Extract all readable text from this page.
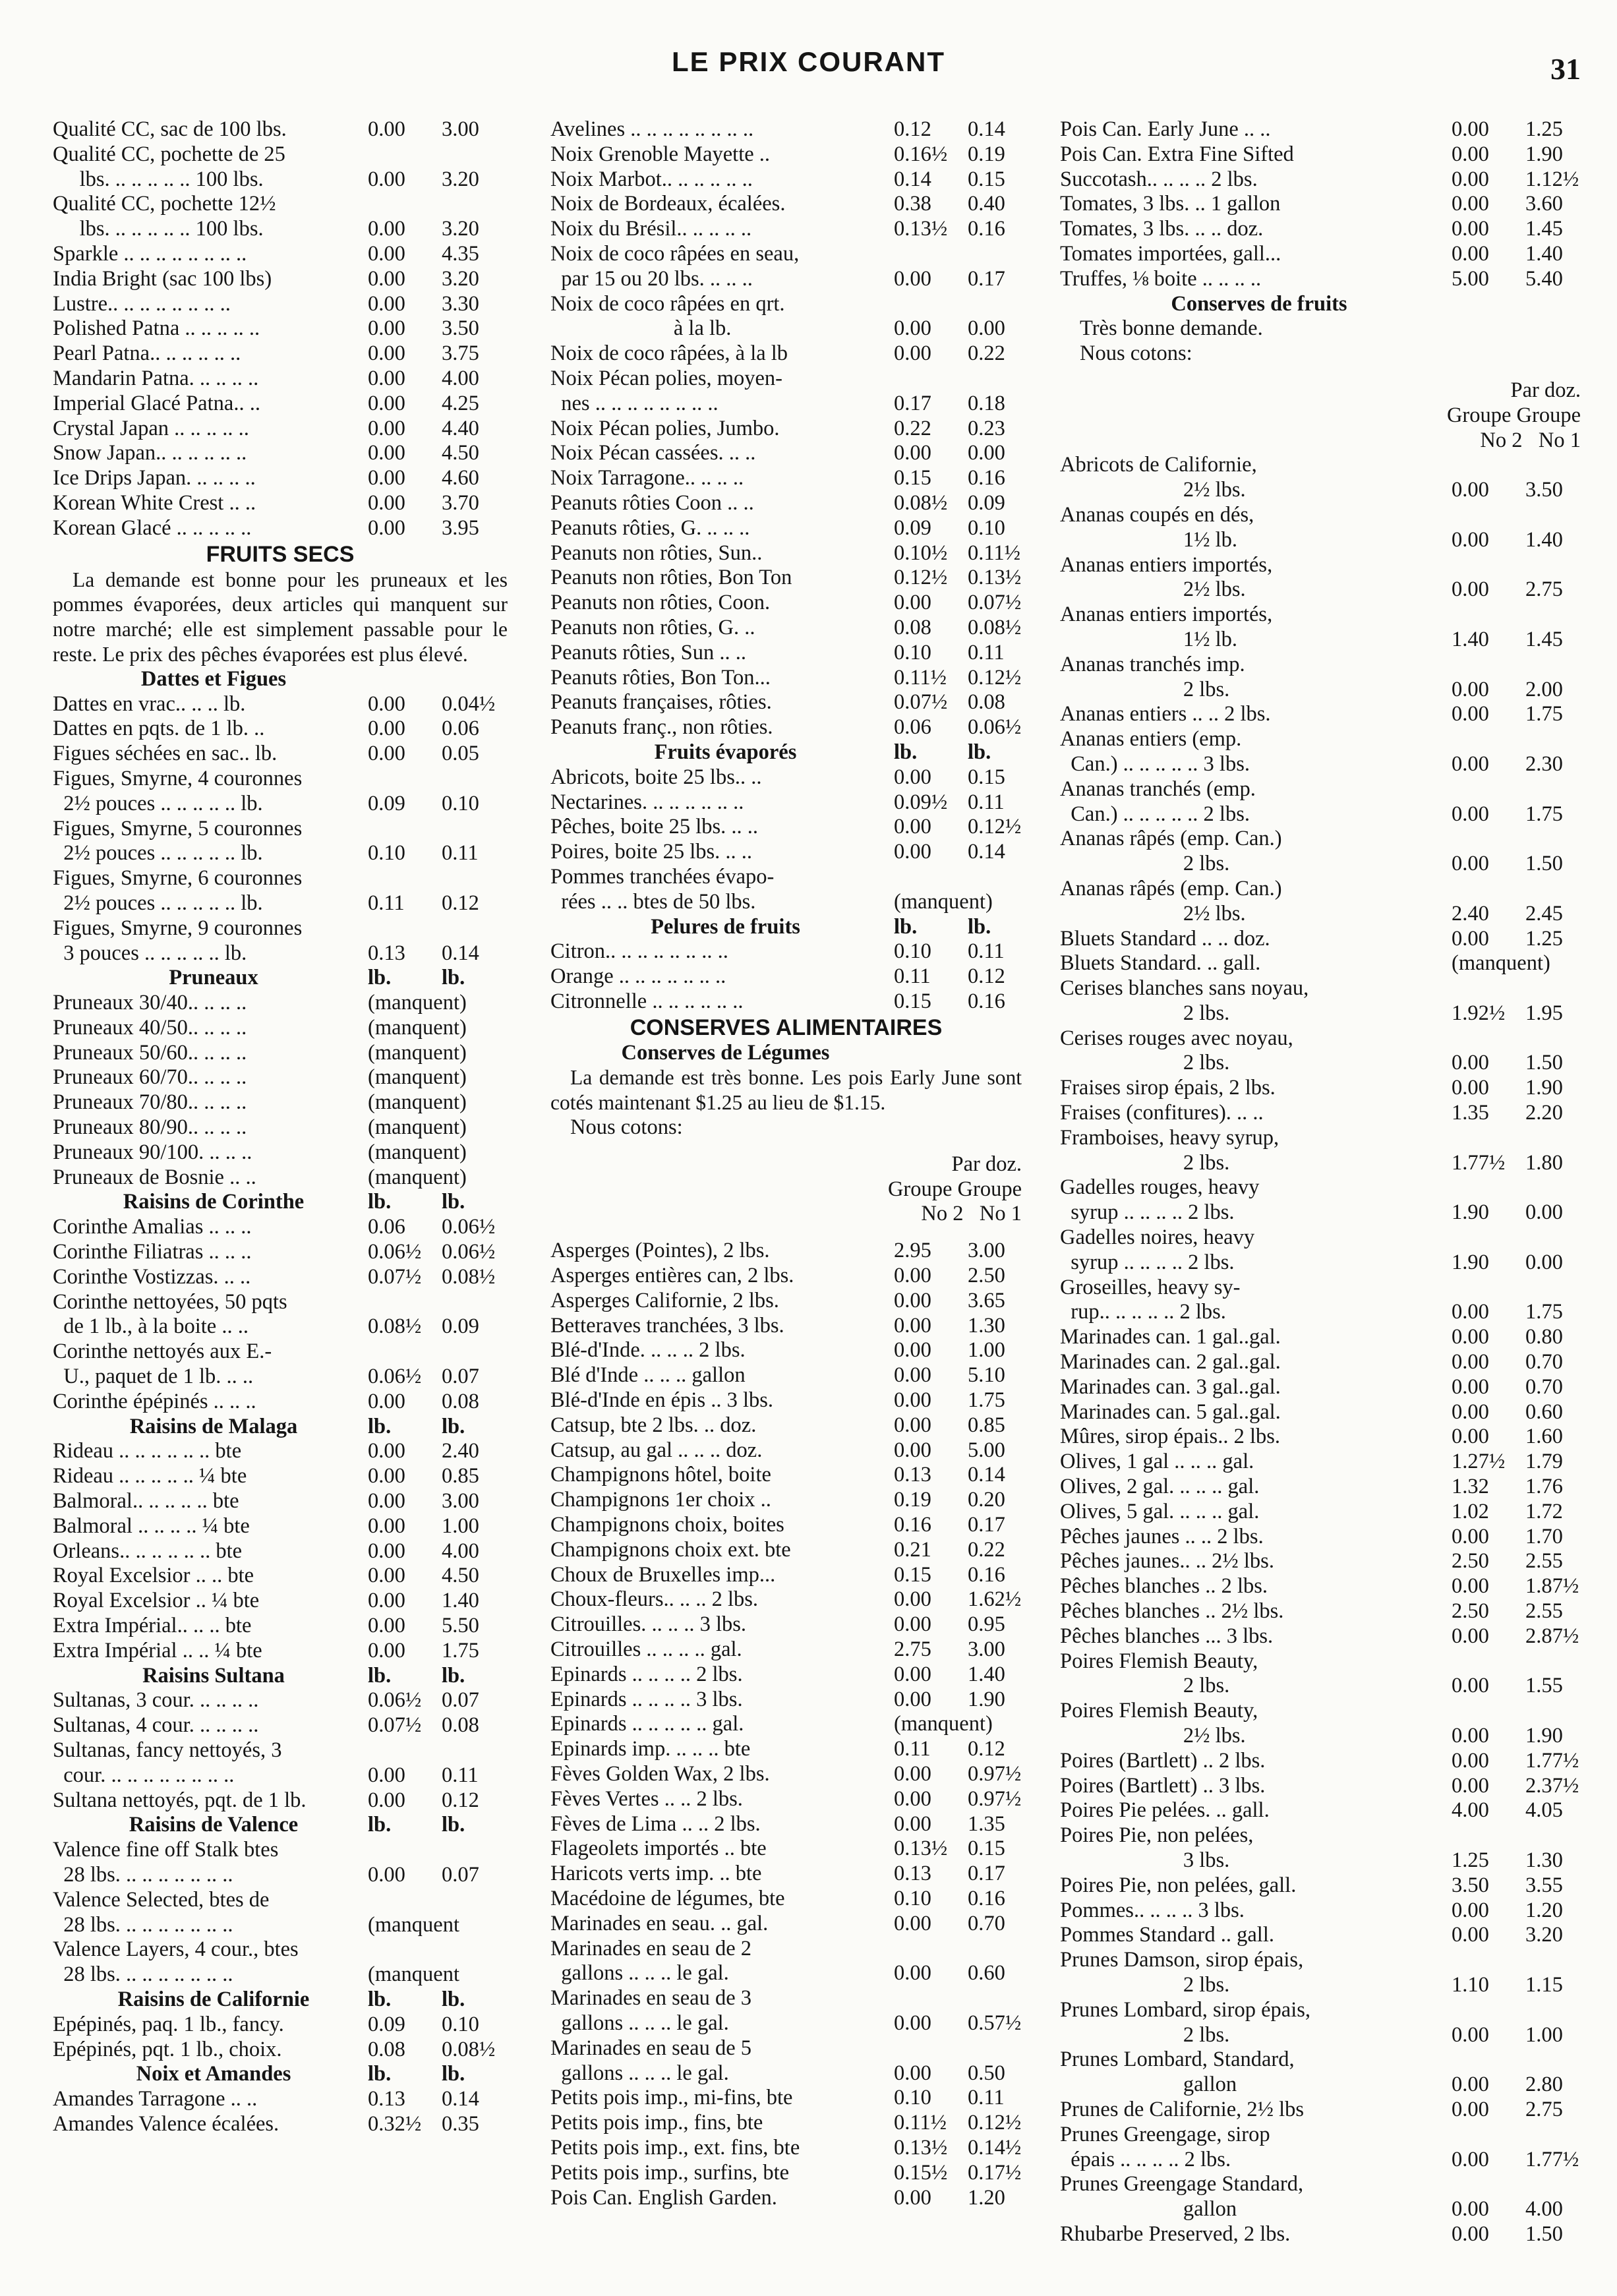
LE PRIX COURANT	31
Qualité CC, sac de 100 lbs.	0.00	3.00
Qualité CC, pochette de 25
lbs. .. .. .. .. .. 100 lbs.	0.00	3.20
Qualité CC, pochette 12½
lbs. .. .. .. .. .. 100 lbs.	0.00	3.20
Sparkle .. .. .. .. .. .. .. ..	0.00	4.35
India Bright (sac 100 lbs)	0.00	3.20
Lustre.. .. .. .. .. .. .. ..	0.00	3.30
Polished Patna .. .. .. .. ..	0.00	3.50
Pearl Patna.. .. .. .. .. ..	0.00	3.75
Mandarin Patna. .. .. .. ..	0.00	4.00
Imperial Glacé Patna.. ..	0.00	4.25
Crystal Japan .. .. .. .. ..	0.00	4.40
Snow Japan.. .. .. .. .. ..	0.00	4.50
Ice Drips Japan. .. .. .. ..	0.00	4.60
Korean White Crest .. ..	0.00	3.70
Korean Glacé .. .. .. .. ..	0.00	3.95
FRUITS SECS
La demande est bonne pour les pruneaux et les pommes évaporées, deux articles qui manquent sur notre marché; elle est simplement passable pour le reste. Le prix des pêches évaporées est plus élevé.
Dattes et Figues
Dattes en vrac.. .. .. lb.	0.00	0.04½
Dattes en pqts. de 1 lb. ..	0.00	0.06
Figues séchées en sac.. lb.	0.00	0.05
Figues, Smyrne, 4 couronnes
2½ pouces .. .. .. .. .. lb.	0.09	0.10
Figues, Smyrne, 5 couronnes
2½ pouces .. .. .. .. .. lb.	0.10	0.11
Figues, Smyrne, 6 couronnes
2½ pouces .. .. .. .. .. lb.	0.11	0.12
Figues, Smyrne, 9 couronnes
3 pouces .. .. .. .. .. lb.	0.13	0.14
Pruneaux	lb.	lb.
Pruneaux 30/40.. .. .. ..	(manquent)
Pruneaux 40/50.. .. .. ..	(manquent)
Pruneaux 50/60.. .. .. ..	(manquent)
Pruneaux 60/70.. .. .. ..	(manquent)
Pruneaux 70/80.. .. .. ..	(manquent)
Pruneaux 80/90.. .. .. ..	(manquent)
Pruneaux 90/100. .. .. ..	(manquent)
Pruneaux de Bosnie .. ..	(manquent)
Raisins de Corinthe	lb.	lb.
Corinthe Amalias .. .. ..	0.06	0.06½
Corinthe Filiatras .. .. ..	0.06½ 0.06½
Corinthe Vostizzas. .. ..	0.07½ 0.08½
Corinthe nettoyées, 50 pqts
de 1 lb., à la boite .. ..	0.08½ 0.09
Corinthe nettoyés aux E.-
U., paquet de 1 lb. .. ..	0.06½ 0.07
Corinthe épépinés .. .. ..	0.00	0.08
Raisins de Malaga	lb.	lb.
Rideau .. .. .. .. .. .. bte	0.00	2.40
Rideau .. .. .. .. .. ¼ bte	0.00	0.85
Balmoral.. .. .. .. .. bte	0.00	3.00
Balmoral .. .. .. .. ¼ bte	0.00	1.00
Orleans.. .. .. .. .. .. bte	0.00	4.00
Royal Excelsior .. .. bte	0.00	4.50
Royal Excelsior .. ¼ bte	0.00	1.40
Extra Impérial.. .. .. bte	0.00	5.50
Extra Impérial .. .. ¼ bte	0.00	1.75
Raisins Sultana	lb.	lb.
Sultanas, 3 cour. .. .. .. ..	0.06½ 0.07
Sultanas, 4 cour. .. .. .. ..	0.07½ 0.08
Sultanas, fancy nettoyés, 3
cour. .. .. .. .. .. .. .. ..	0.00	0.11
Sultana nettoyés, pqt. de 1 lb.	0.00	0.12
Raisins de Valence	lb.	lb.
Valence fine off Stalk btes
28 lbs. .. .. .. .. .. .. ..	0.00	0.07
Valence Selected, btes de
28 lbs. .. .. .. .. .. .. ..	(manquent
Valence Layers, 4 cour., btes
28 lbs. .. .. .. .. .. .. ..	(manquent
Raisins de Californie	lb.	lb.
Epépinés, paq. 1 lb., fancy.	0.09	0.10
Epépinés, pqt. 1 lb., choix.	0.08	0.08½
Noix et Amandes	lb.	lb.
Amandes Tarragone .. ..	0.13	0.14
Amandes Valence écalées.	0.32½ 0.35
Avelines .. .. .. .. .. .. .. ..	0.12	0.14
Noix Grenoble Mayette ..	0.16½ 0.19
Noix Marbot.. .. .. .. .. ..	0.14	0.15
Noix de Bordeaux, écalées.	0.38	0.40
Noix du Brésil.. .. .. .. ..	0.13½ 0.16
Noix de coco râpées en seau,
par 15 ou 20 lbs. .. .. ..	0.00	0.17
Noix de coco râpées en qrt.
à la lb.	0.00	0.00
Noix de coco râpées, à la lb	0.00	0.22
Noix Pécan polies, moyen-
nes .. .. .. .. .. .. .. ..	0.17	0.18
Noix Pécan polies, Jumbo.	0.22	0.23
Noix Pécan cassées. .. ..	0.00	0.00
Noix Tarragone.. .. .. ..	0.15	0.16
Peanuts rôties Coon .. ..	0.08½ 0.09
Peanuts rôties, G. .. .. ..	0.09	0.10
Peanuts non rôties, Sun..	0.10½ 0.11½
Peanuts non rôties, Bon Ton	0.12½ 0.13½
Peanuts non rôties, Coon.	0.00	0.07½
Peanuts non rôties, G. ..	0.08	0.08½
Peanuts rôties, Sun .. ..	0.10	0.11
Peanuts rôties, Bon Ton...	0.11½ 0.12½
Peanuts françaises, rôties.	0.07½ 0.08
Peanuts franç., non rôties.	0.06	0.06½
Fruits évaporés	lb.	lb.
Abricots, boite 25 lbs.. ..	0.00	0.15
Nectarines. .. .. .. .. .. ..	0.09½ 0.11
Pêches, boite 25 lbs. .. ..	0.00	0.12½
Poires, boite 25 lbs. .. ..	0.00	0.14
Pommes tranchées évapo-
rées .. .. btes de 50 lbs.	(manquent)
Pelures de fruits	lb.	lb.
Citron.. .. .. .. .. .. .. ..	0.10	0.11
Orange .. .. .. .. .. .. ..	0.11	0.12
Citronnelle .. .. .. .. .. ..	0.15	0.16
CONSERVES ALIMENTAIRES
Conserves de Légumes
La demande est très bonne. Les pois Early June sont cotés maintenant $1.25 au lieu de $1.15.
Nous cotons:
Par doz.
Groupe Groupe
No 2   No 1
Asperges (Pointes), 2 lbs.	2.95	3.00
Asperges entières can, 2 lbs.	0.00	2.50
Asperges Californie, 2 lbs.	0.00	3.65
Betteraves tranchées, 3 lbs.	0.00	1.30
Blé-d'Inde. .. .. .. 2 lbs.	0.00	1.00
Blé d'Inde .. .. .. gallon	0.00	5.10
Blé-d'Inde en épis .. 3 lbs.	0.00	1.75
Catsup, bte 2 lbs. .. doz.	0.00	0.85
Catsup, au gal .. .. .. doz.	0.00	5.00
Champignons hôtel, boite	0.13	0.14
Champignons 1er choix ..	0.19	0.20
Champignons choix, boites	0.16	0.17
Champignons choix ext. bte	0.21	0.22
Choux de Bruxelles imp...	0.15	0.16
Choux-fleurs.. .. .. 2 lbs.	0.00	1.62½
Citrouilles. .. .. .. 3 lbs.	0.00	0.95
Citrouilles .. .. .. .. gal.	2.75	3.00
Epinards .. .. .. .. 2 lbs.	0.00	1.40
Epinards .. .. .. .. 3 lbs.	0.00	1.90
Epinards .. .. .. .. .. gal.	(manquent)
Epinards imp. .. .. .. bte	0.11	0.12
Fèves Golden Wax, 2 lbs.	0.00	0.97½
Fèves Vertes .. .. 2 lbs.	0.00	0.97½
Fèves de Lima .. .. 2 lbs.	0.00	1.35
Flageolets importés .. bte	0.13½ 0.15
Haricots verts imp. .. bte	0.13	0.17
Macédoine de légumes, bte	0.10	0.16
Marinades en seau. .. gal.	0.00	0.70
Marinades en seau de 2
gallons .. .. .. le gal.	0.00	0.60
Marinades en seau de 3
gallons .. .. .. le gal.	0.00	0.57½
Marinades en seau de 5
gallons .. .. .. le gal.	0.00	0.50
Petits pois imp., mi-fins, bte	0.10	0.11
Petits pois imp., fins, bte	0.11½ 0.12½
Petits pois imp., ext. fins, bte	0.13½ 0.14½
Petits pois imp., surfins, bte	0.15½ 0.17½
Pois Can. English Garden.	0.00	1.20
Pois Can. Early June .. ..	0.00	1.25
Pois Can. Extra Fine Sifted	0.00	1.90
Succotash.. .. .. .. 2 lbs.	0.00	1.12½
Tomates, 3 lbs. .. 1 gallon	0.00	3.60
Tomates, 3 lbs. .. .. doz.	0.00	1.45
Tomates importées, gall...	0.00	1.40
Truffes, ⅛ boite .. .. .. ..	5.00	5.40
Conserves de fruits
Très bonne demande.
Nous cotons:
Par doz.
Groupe Groupe
No 2   No 1
Abricots de Californie,
2½ lbs.	0.00	3.50
Ananas coupés en dés,
1½ lb.	0.00	1.40
Ananas entiers importés,
2½ lbs.	0.00	2.75
Ananas entiers importés,
1½ lb.	1.40	1.45
Ananas tranchés imp.
2 lbs.	0.00	2.00
Ananas entiers .. .. 2 lbs.	0.00	1.75
Ananas entiers (emp.
Can.) .. .. .. .. .. 3 lbs.	0.00	2.30
Ananas tranchés (emp.
Can.) .. .. .. .. .. 2 lbs.	0.00	1.75
Ananas râpés (emp. Can.)
2 lbs.	0.00	1.50
Ananas râpés (emp. Can.)
2½ lbs.	2.40	2.45
Bluets Standard .. .. doz.	0.00	1.25
Bluets Standard. .. gall.	(manquent)
Cerises blanches sans noyau,
2 lbs.	1.92½ 1.95
Cerises rouges avec noyau,
2 lbs.	0.00	1.50
Fraises sirop épais, 2 lbs.	0.00	1.90
Fraises (confitures). .. ..	1.35	2.20
Framboises, heavy syrup,
2 lbs.	1.77½ 1.80
Gadelles rouges, heavy
syrup .. .. .. .. 2 lbs.	1.90	0.00
Gadelles noires, heavy
syrup .. .. .. .. 2 lbs.	1.90	0.00
Groseilles, heavy sy-
rup.. .. .. .. .. 2 lbs.	0.00	1.75
Marinades can. 1 gal..gal.	0.00	0.80
Marinades can. 2 gal..gal.	0.00	0.70
Marinades can. 3 gal..gal.	0.00	0.70
Marinades can. 5 gal..gal.	0.00	0.60
Mûres, sirop épais.. 2 lbs.	0.00	1.60
Olives, 1 gal .. .. .. gal.	1.27½ 1.79
Olives, 2 gal. .. .. .. gal.	1.32	1.76
Olives, 5 gal. .. .. .. gal.	1.02	1.72
Pêches jaunes .. .. 2 lbs.	0.00	1.70
Pêches jaunes.. .. 2½ lbs.	2.50	2.55
Pêches blanches .. 2 lbs.	0.00	1.87½
Pêches blanches .. 2½ lbs.	2.50	2.55
Pêches blanches ... 3 lbs.	0.00	2.87½
Poires Flemish Beauty,
2 lbs.	0.00	1.55
Poires Flemish Beauty,
2½ lbs.	0.00	1.90
Poires (Bartlett) .. 2 lbs.	0.00	1.77½
Poires (Bartlett) .. 3 lbs.	0.00	2.37½
Poires Pie pelées. .. gall.	4.00	4.05
Poires Pie, non pelées,
3 lbs.	1.25	1.30
Poires Pie, non pelées, gall.	3.50	3.55
Pommes.. .. .. .. 3 lbs.	0.00	1.20
Pommes Standard .. gall.	0.00	3.20
Prunes Damson, sirop épais,
2 lbs.	1.10	1.15
Prunes Lombard, sirop épais,
2 lbs.	0.00	1.00
Prunes Lombard, Standard,
gallon	0.00	2.80
Prunes de Californie, 2½ lbs	0.00	2.75
Prunes Greengage, sirop
épais .. .. .. .. 2 lbs.	0.00	1.77½
Prunes Greengage Standard,
gallon	0.00	4.00
Rhubarbe Preserved, 2 lbs.	0.00	1.50
